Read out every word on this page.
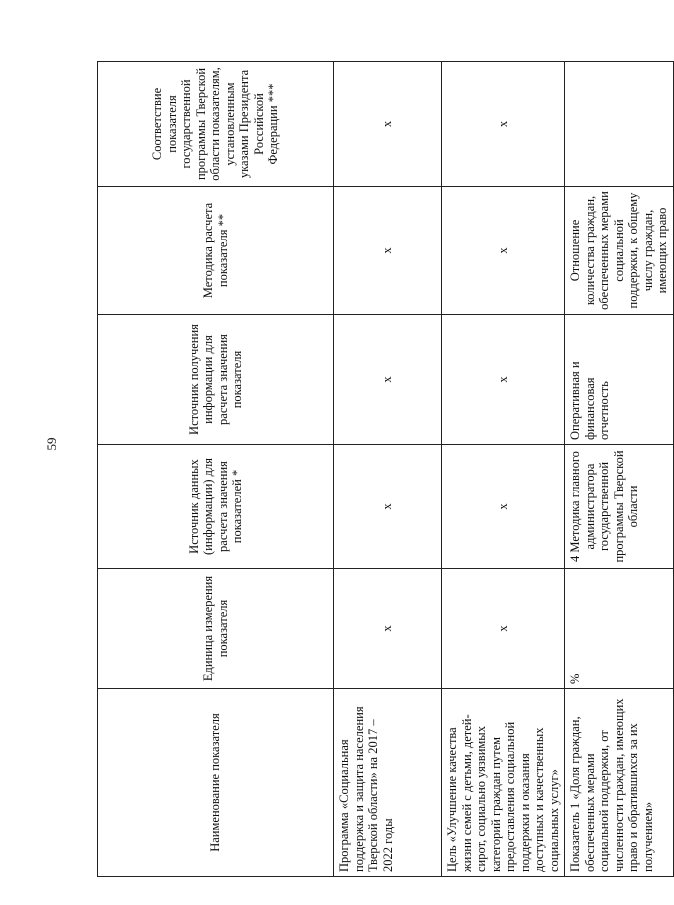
59
Наименование показателя	Единица измерения показателя	Источник данных (информации) для расчета значения показателей *	Источник получения информации для расчета значения показателя	Методика расчета показателя **	Соответствие показателя государственной программы Тверской области показателям, установленным указами Президента Российской Федерации ***
Программа «Социальная поддержка и защита населения Тверской области» на 2017 – 2022 годы	х	х	х	х	х
Цель «Улучшение качества жизни семей с детьми, детей-сирот, социально уязвимых категорий граждан путем предоставления социальной поддержки и оказания доступных и качественных социальных услуг»	х	х	х	х	х
Показатель 1 «Доля граждан, обеспеченных мерами социальной поддержки, от численности граждан, имеющих право и обратившихся за их получением»	%	4 Методика главного администратора государственной программы Тверской области	Оперативная и финансовая отчетность	Отношение количества граждан, обеспеченных мерами социальной поддержки, к общему числу граждан, имеющих право	
